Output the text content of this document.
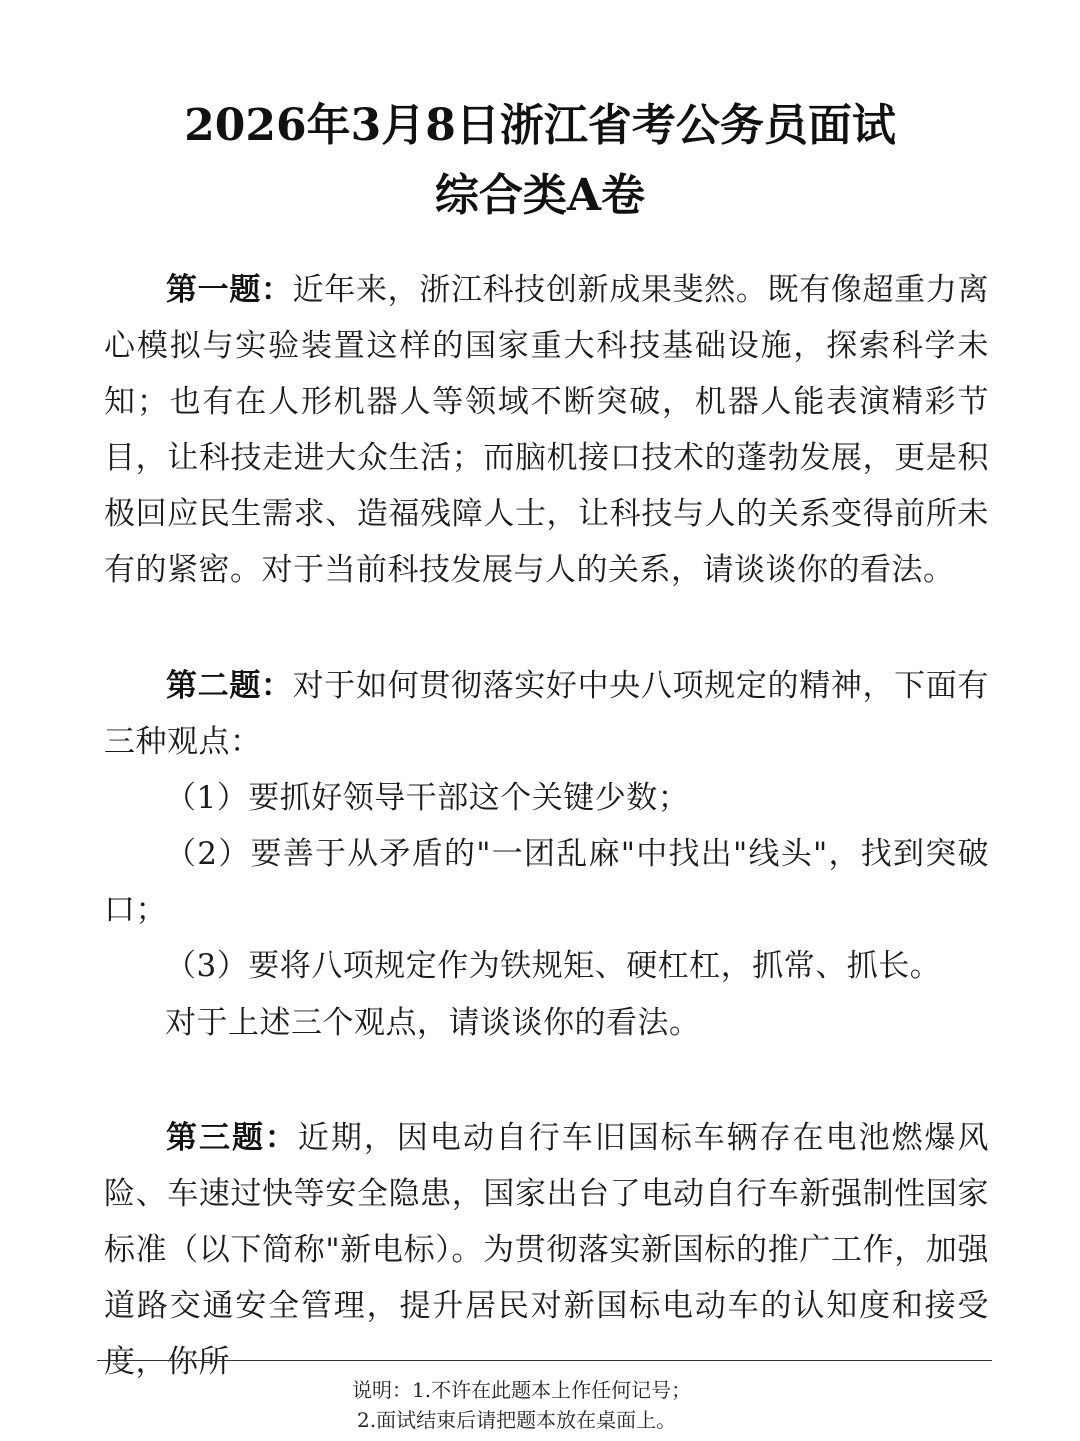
2026年3月8日浙江省考公务员面试
综合类A卷
第一题：近年来，浙江科技创新成果斐然。既有像超重力离心模拟与实验装置这样的国家重大科技基础设施，探索科学未知；也有在人形机器人等领域不断突破，机器人能表演精彩节目，让科技走进大众生活；而脑机接口技术的蓬勃发展，更是积极回应民生需求、造福残障人士，让科技与人的关系变得前所未有的紧密。对于当前科技发展与人的关系，请谈谈你的看法。
第二题：对于如何贯彻落实好中央八项规定的精神，下面有三种观点：
（1）要抓好领导干部这个关键少数；
（2）要善于从矛盾的"一团乱麻"中找出"线头"，找到突破口；
（3）要将八项规定作为铁规矩、硬杠杠，抓常、抓长。
对于上述三个观点，请谈谈你的看法。
第三题：近期，因电动自行车旧国标车辆存在电池燃爆风险、车速过快等安全隐患，国家出台了电动自行车新强制性国家标准（以下简称"新电标）。为贯彻落实新国标的推广工作，加强道路交通安全管理，提升居民对新国标电动车的认知度和接受度，你所
说明：1.不许在此题本上作任何记号；
2.面试结束后请把题本放在桌面上。
